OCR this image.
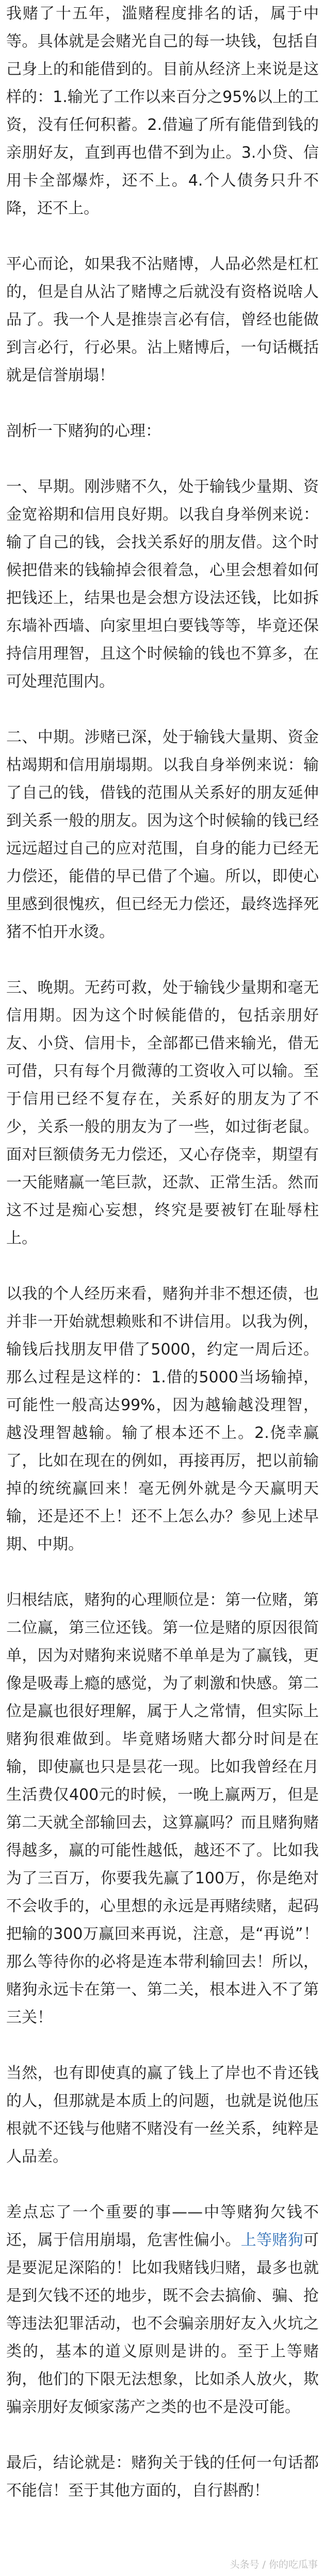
我赌了十五年，滥赌程度排名的话，属于中等。具体就是会赌光自己的每一块钱，包括自己身上的和能借到的。目前从经济上来说是这样的：1.输光了工作以来百分之95%以上的工资，没有任何积蓄。2.借遍了所有能借到钱的亲朋好友，直到再也借不到为止。3.小贷、信用卡全部爆炸，还不上。4.个人债务只升不降，还不上。

平心而论，如果我不沾赌博，人品必然是杠杠的，但是自从沾了赌博之后就没有资格说啥人品了。我一个人是推崇言必有信，曾经也能做到言必行，行必果。沾上赌博后，一句话概括就是信誉崩塌！

剖析一下赌狗的心理：

一、早期。刚涉赌不久，处于输钱少量期、资金宽裕期和信用良好期。以我自身举例来说：输了自己的钱，会找关系好的朋友借。这个时候把借来的钱输掉会很着急，心里会想着如何把钱还上，结果也是会想方设法还钱，比如拆东墙补西墙、向家里坦白要钱等等，毕竟还保持信用理智，且这个时候输的钱也不算多，在可处理范围内。

二、中期。涉赌已深，处于输钱大量期、资金枯竭期和信用崩塌期。以我自身举例来说：输了自己的钱，借钱的范围从关系好的朋友延伸到关系一般的朋友。因为这个时候输的钱已经远远超过自己的应对范围，自身的能力已经无力偿还，能借的早已借了个遍。所以，即使心里感到很愧疚，但已经无力偿还，最终选择死猪不怕开水烫。

三、晚期。无药可救，处于输钱少量期和毫无信用期。因为这个时候能借的，包括亲朋好友、小贷、信用卡，全部都已借来输光，借无可借，只有每个月微薄的工资收入可以输。至于信用已经不复存在，关系好的朋友为了不少，关系一般的朋友为了一些，如过街老鼠。面对巨额债务无力偿还，又心存侥幸，期望有一天能赌赢一笔巨款，还款、正常生活。然而这不过是痴心妄想，终究是要被钉在耻辱柱上。

以我的个人经历来看，赌狗并非不想还债，也并非一开始就想赖账和不讲信用。以我为例，输钱后找朋友甲借了5000，约定一周后还。那么过程是这样的：1.借的5000当场输掉，可能性一般高达99%，因为越输越没理智，越没理智越输。输了根本还不上。2.侥幸赢了，比如在现在的例如，再接再厉，把以前输掉的统统赢回来！毫无例外就是今天赢明天输，还是还不上！还不上怎么办？参见上述早期、中期。

归根结底，赌狗的心理顺位是：第一位赌，第二位赢，第三位还钱。第一位是赌的原因很简单，因为对赌狗来说赌不单单是为了赢钱，更像是吸毒上瘾的感觉，为了刺激和快感。第二位是赢也很好理解，属于人之常情，但实际上赌狗很难做到。毕竟赌场赌大都分时间是在输，即使赢也只是昙花一现。比如我曾经在月生活费仅400元的时候，一晚上赢两万，但是第二天就全部输回去，这算赢吗？而且赌狗赌得越多，赢的可能性越低，越还不了。比如我为了三百万，你要我先赢了100万，你是绝对不会收手的，心里想的永远是再赌续赌，起码把输的300万赢回来再说，注意，是“再说”！那么等待你的必将是连本带利输回去！所以，赌狗永远卡在第一、第二关，根本进入不了第三关！

当然，也有即使真的赢了钱上了岸也不肯还钱的人，但那就是本质上的问题，也就是说他压根就不还钱与他赌不赌没有一丝关系，纯粹是人品差。

差点忘了一个重要的事——中等赌狗欠钱不还，属于信用崩塌，危害性偏小。上等赌狗可是要泥足深陷的！比如我赌钱归赌，最多也就是到欠钱不还的地步，既不会去搞偷、骗、抢等违法犯罪活动，也不会骗亲朋好友入火坑之类的，基本的道义原则是讲的。至于上等赌狗，他们的下限无法想象，比如杀人放火，欺骗亲朋好友倾家荡产之类的也不是没可能。

最后，结论就是：赌狗关于钱的任何一句话都不能信！至于其他方面的，自行斟酌！

头条号 / 你的吃瓜事
